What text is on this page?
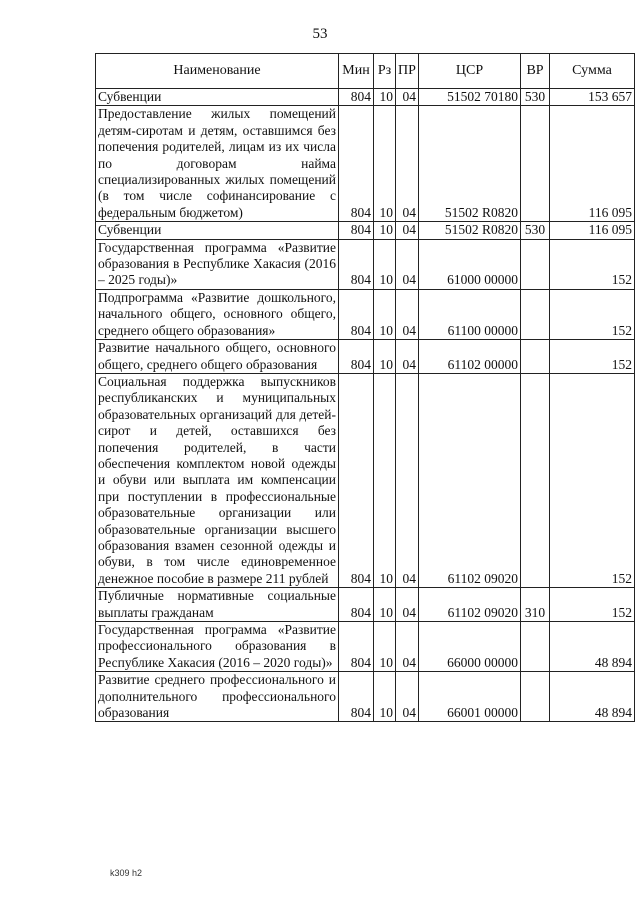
53
Наименование	Мин	Рз	ПР	ЦСР	ВР	Сумма
Субвенции	804	10	04	51502 70180	530	153 657
Предоставление жилых помещений детям-сиротам и детям, оставшимся без попечения родителей, лицам из их числа по договорам найма специализированных жилых помещений (в том числе софинансирование с федеральным бюджетом)	804	10	04	51502 R0820		116 095
Субвенции	804	10	04	51502 R0820	530	116 095
Государственная программа «Развитие образования в Республике Хакасия (2016 – 2025 годы)»	804	10	04	61000 00000		152
Подпрограмма «Развитие дошкольного, начального общего, основного общего, среднего общего образования»	804	10	04	61100 00000		152
Развитие начального общего, основного общего, среднего общего образования	804	10	04	61102 00000		152
Социальная поддержка выпускников республиканских и муниципальных образовательных организаций для детей-сирот и детей, оставшихся без попечения родителей, в части обеспечения комплектом новой одежды и обуви или выплата им компенсации при поступлении в профессиональные образовательные организации или образовательные организации высшего образования взамен сезонной одежды и обуви, в том числе единовременное денежное пособие в размере 211 рублей	804	10	04	61102 09020		152
Публичные нормативные социальные выплаты гражданам	804	10	04	61102 09020	310	152
Государственная программа «Развитие профессионального образования в Республике Хакасия (2016 – 2020 годы)»	804	10	04	66000 00000		48 894
Развитие среднего профессионального и дополнительного профессионального образования	804	10	04	66001 00000		48 894
k309 h2
